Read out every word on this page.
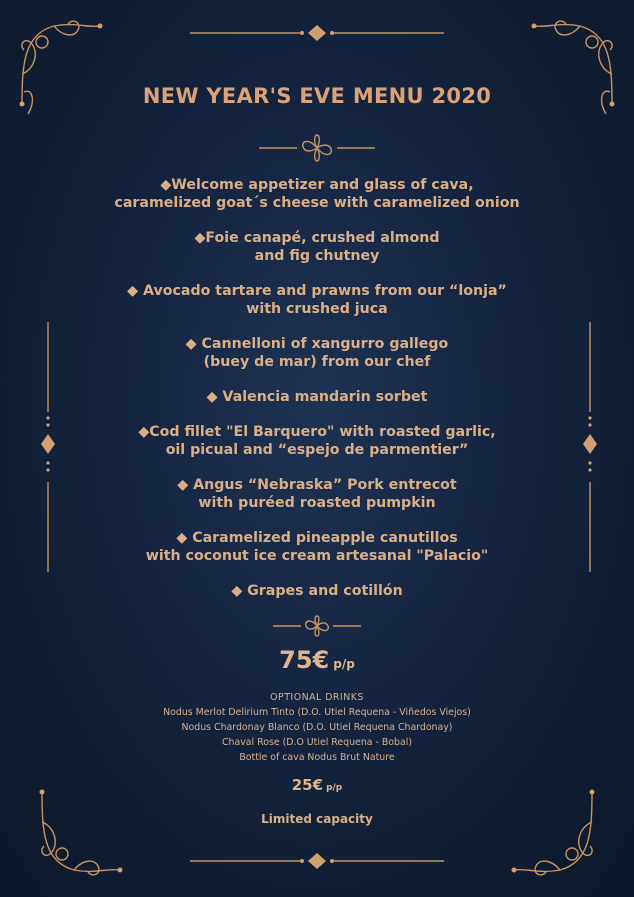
NEW YEAR'S EVE MENU 2020
◆Welcome appetizer and glass of cava,
caramelized goat´s cheese with caramelized onion
◆Foie canapé, crushed almond
and fig chutney
◆ Avocado tartare and prawns from our “lonja”
with crushed juca
◆ Cannelloni of xangurro gallego
(buey de mar) from our chef
◆ Valencia mandarin sorbet
◆Cod fillet "El Barquero" with roasted garlic,
oil picual and “espejo de parmentier”
◆ Angus “Nebraska” Pork entrecot
with puréed roasted pumpkin
◆ Caramelized pineapple canutillos
with coconut ice cream artesanal "Palacio"
◆ Grapes and cotillón
75€ p/p
OPTIONAL DRINKS
Nodus Merlot Delirium Tinto (D.O. Utiel Requena - Viñedos Viejos)
Nodus Chardonay Blanco (D.O. Utiel Requena Chardonay)
Chaval Rose (D.O Utiel Requena - Bobal)
Bottle of cava Nodus Brut Nature
25€ p/p
Limited capacity
